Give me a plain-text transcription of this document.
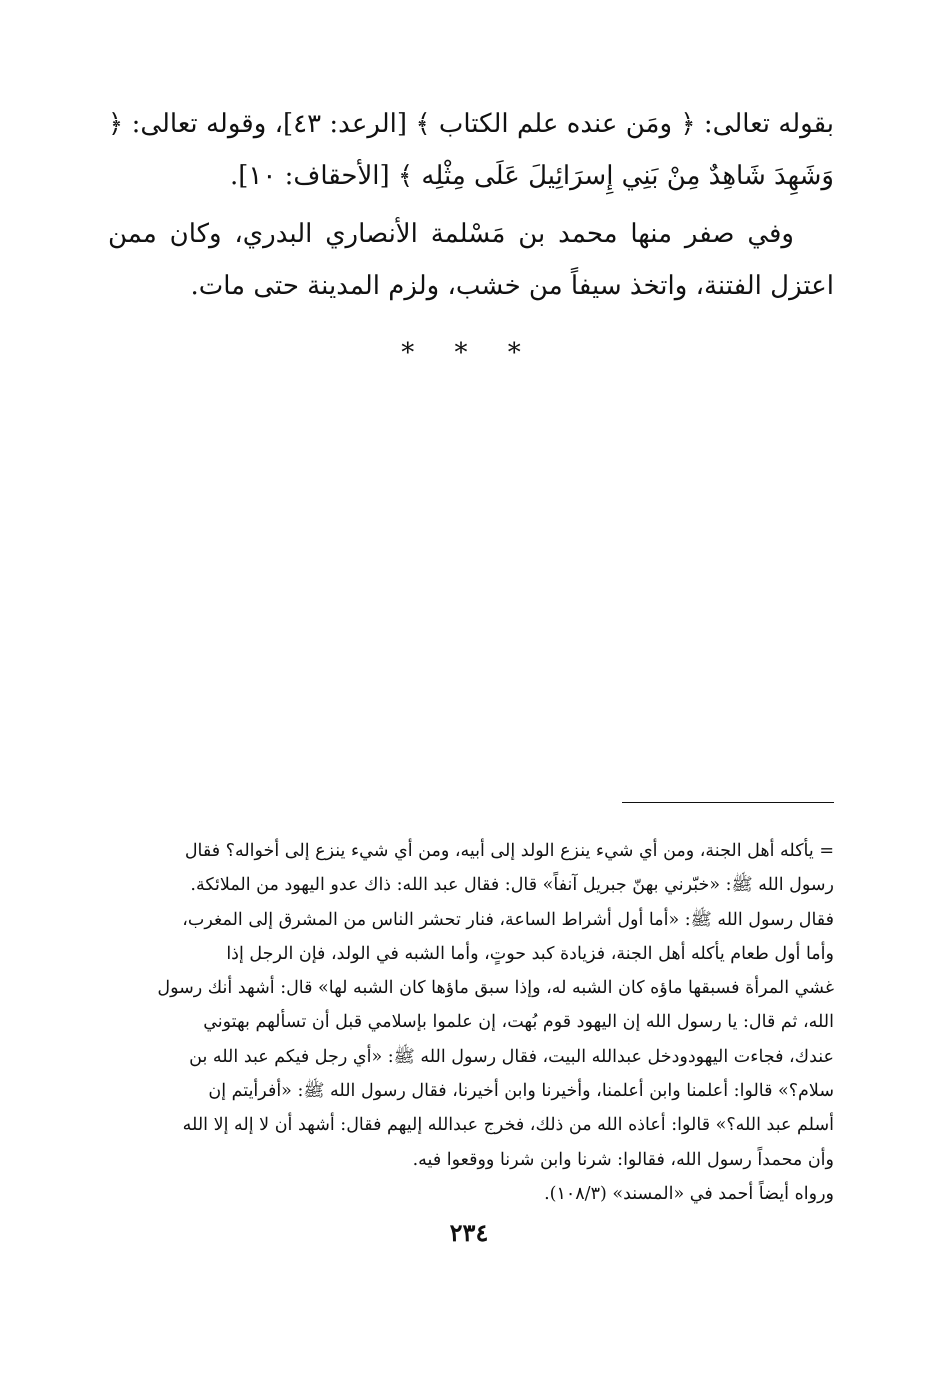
بقوله تعالى: ﴿ ومَن عنده علم الكتاب ﴾ [الرعد: ٤٣]، وقوله تعالى: ﴿ وَشَهِدَ شَاهِدٌ مِنْ بَنِي إِسرَائِيلَ عَلَى مِثْلِه ﴾ [الأحقاف: ١٠].

وفي صفر منها محمد بن مَسْلمة الأنصاري البدري، وكان ممن اعتزل الفتنة، واتخذ سيفاً من خشب، ولزم المدينة حتى مات.

* * *
= يأكله أهل الجنة، ومن أي شيء ينزع الولد إلى أبيه، ومن أي شيء ينزع إلى أخواله؟ فقال
رسول الله ﷺ: «خبّرني بهنّ جبريل آنفاً» قال: فقال عبد الله: ذاك عدو اليهود من الملائكة.
فقال رسول الله ﷺ: «أما أول أشراط الساعة، فنار تحشر الناس من المشرق إلى المغرب،
وأما أول طعام يأكله أهل الجنة، فزيادة كبد حوتٍ، وأما الشبه في الولد، فإن الرجل إذا
غشي المرأة فسبقها ماؤه كان الشبه له، وإذا سبق ماؤها كان الشبه لها» قال: أشهد أنك رسول
الله، ثم قال: يا رسول الله إن اليهود قوم بُهت، إن علموا بإسلامي قبل أن تسألهم بهتوني
عندك، فجاءت اليهودودخل عبدالله البيت، فقال رسول الله ﷺ: «أي رجل فيكم عبد الله بن
سلام؟» قالوا: أعلمنا وابن أعلمنا، وأخيرنا وابن أخيرنا، فقال رسول الله ﷺ: «أفرأيتم إن
أسلم عبد الله؟» قالوا: أعاذه الله من ذلك، فخرج عبدالله إليهم فقال: أشهد أن لا إله إلا الله
وأن محمداً رسول الله، فقالوا: شرنا وابن شرنا ووقعوا فيه.
ورواه أيضاً أحمد في «المسند» (١٠٨/٣).
٢٣٤
